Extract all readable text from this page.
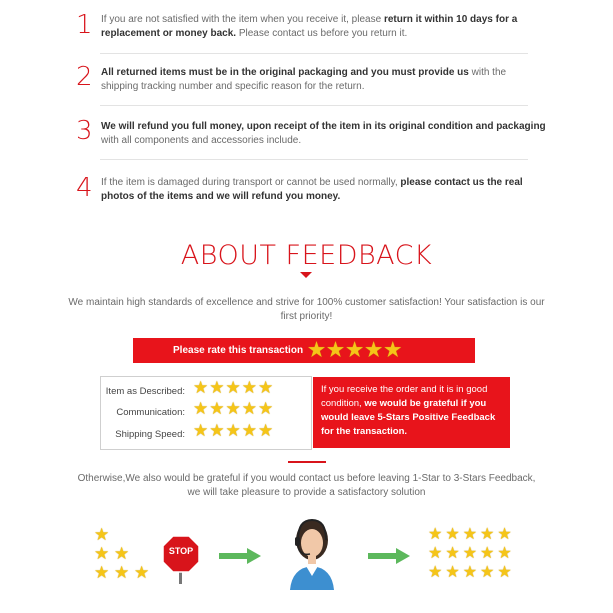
1 If you are not satisfied with the item when you receive it, please return it within 10 days for a replacement or money back. Please contact us before you return it.
2 All returned items must be in the original packaging and you must provide us with the shipping tracking number and specific reason for the return.
3 We will refund you full money, upon receipt of the item in its original condition and packaging with all components and accessories include.
4 If the item is damaged during transport or cannot be used normally, please contact us the real photos of the items and we will refund you money.
ABOUT FEEDBACK
We maintain high standards of excellence and strive for 100% customer satisfaction! Your satisfaction is our first priority!
Please rate this transaction ★★★★★
Item as Described: ★★★★★
Communication: ★★★★★
Shipping Speed: ★★★★★
If you receive the order and it is in good condition, we would be grateful if you would leave 5-Stars Positive Feedback for the transaction.
Otherwise,We also would be grateful if you would contact us before leaving 1-Star to 3-Stars Feedback, we will take pleasure to provide a satisfactory solution
★
★ ★
★ ★ ★
STOP
★★★★★
★★★★★
★★★★★
